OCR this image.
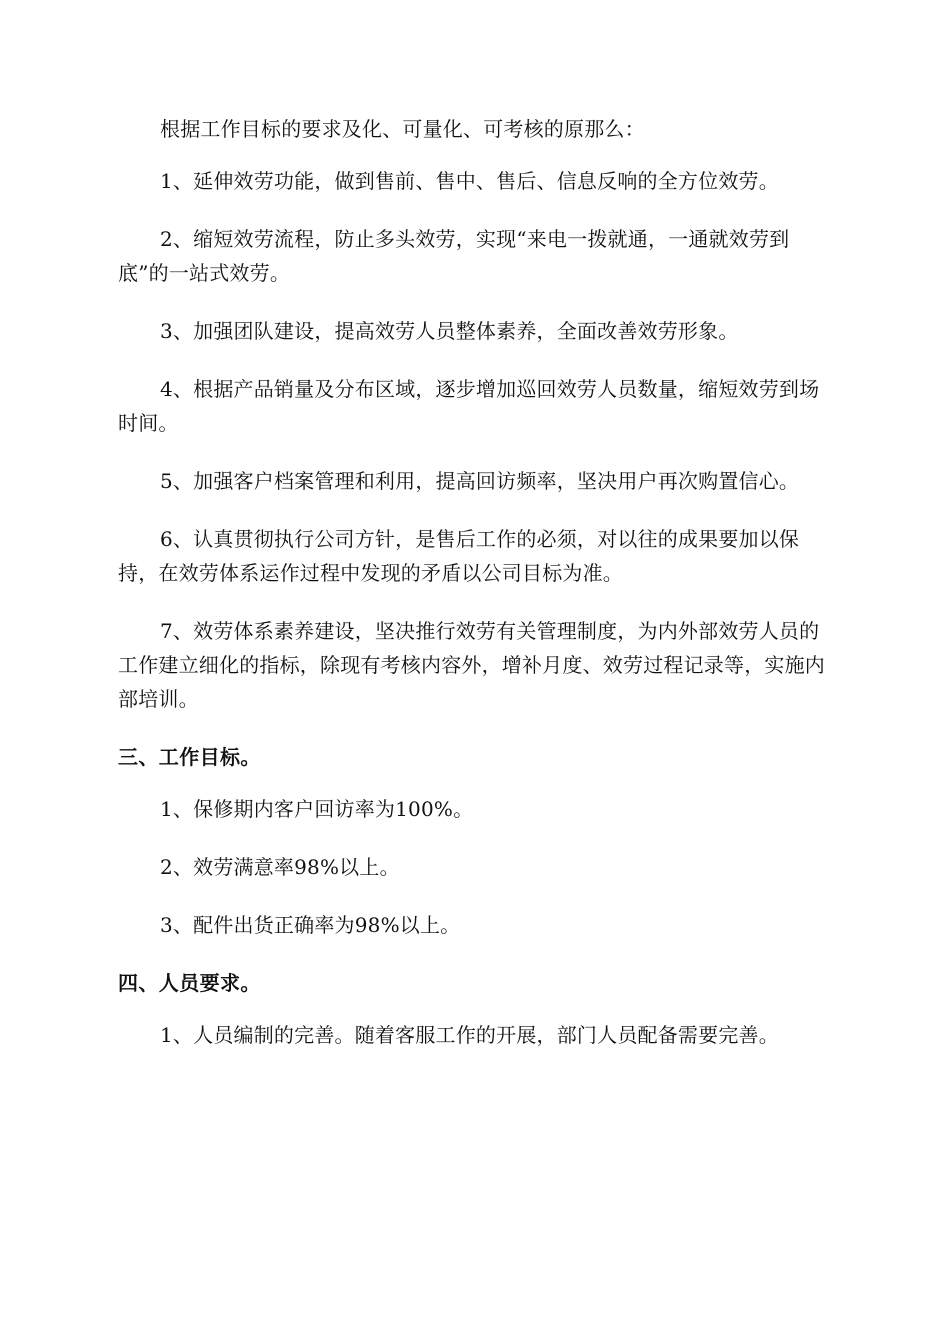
根据工作目标的要求及化、可量化、可考核的原那么：

1、延伸效劳功能，做到售前、售中、售后、信息反响的全方位效劳。

2、缩短效劳流程，防止多头效劳，实现“来电一拨就通，一通就效劳到底”的一站式效劳。

3、加强团队建设，提高效劳人员整体素养，全面改善效劳形象。

4、根据产品销量及分布区域，逐步增加巡回效劳人员数量，缩短效劳到场时间。

5、加强客户档案管理和利用，提高回访频率，坚决用户再次购置信心。

6、认真贯彻执行公司方针，是售后工作的必须，对以往的成果要加以保持，在效劳体系运作过程中发现的矛盾以公司目标为准。

7、效劳体系素养建设，坚决推行效劳有关管理制度，为内外部效劳人员的工作建立细化的指标，除现有考核内容外，增补月度、效劳过程记录等，实施内部培训。

三、工作目标。

1、保修期内客户回访率为100%。

2、效劳满意率98%以上。

3、配件出货正确率为98%以上。

四、人员要求。

1、人员编制的完善。随着客服工作的开展，部门人员配备需要完善。
